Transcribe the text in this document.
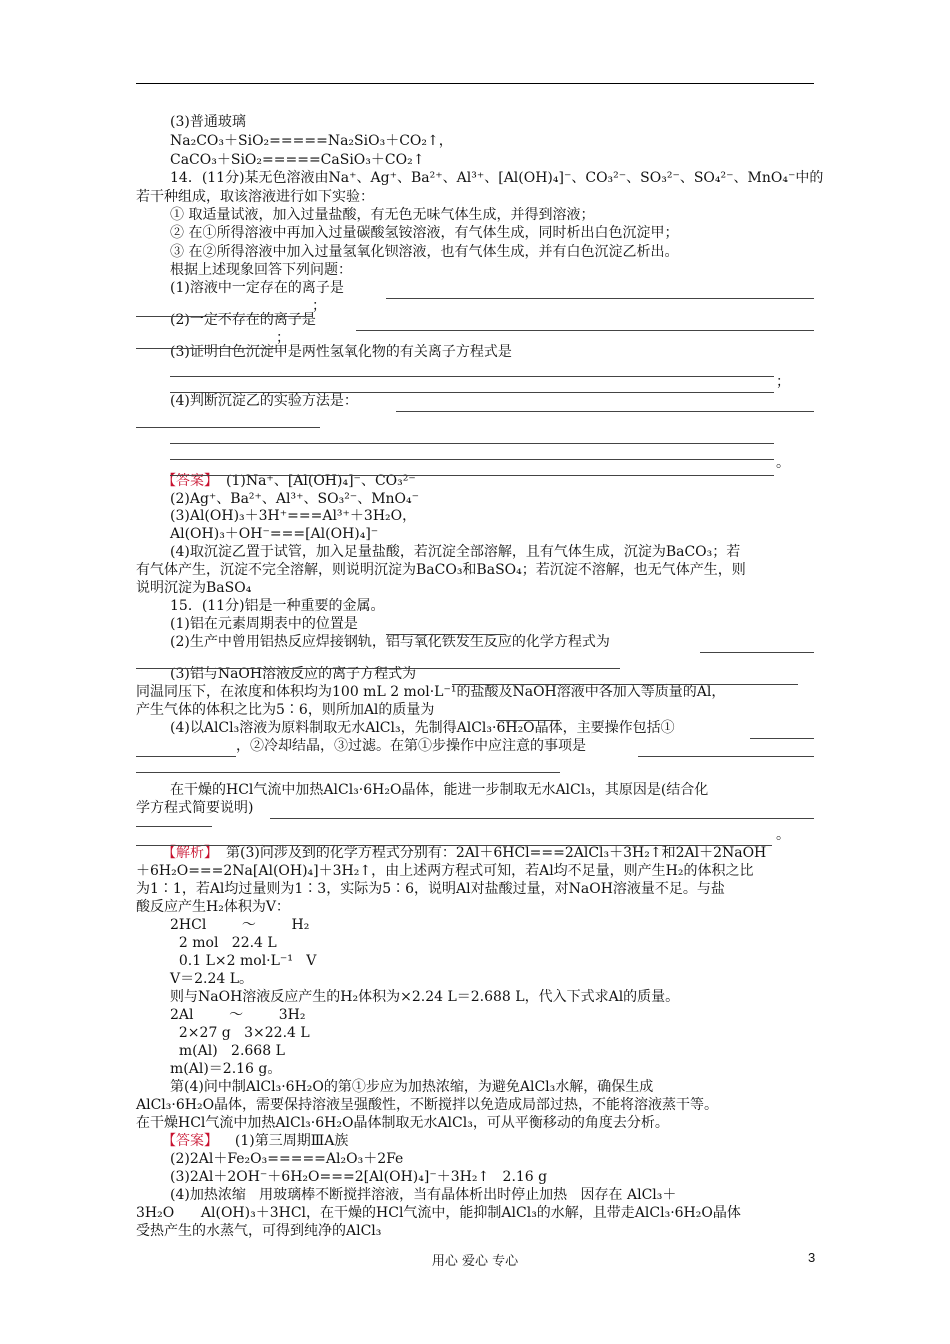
(3)普通玻璃
Na₂CO₃＋SiO₂=====Na₂SiO₃＋CO₂↑，
CaCO₃＋SiO₂=====CaSiO₃＋CO₂↑
14．(11分)某无色溶液由Na⁺、Ag⁺、Ba²⁺、Al³⁺、[Al(OH)₄]⁻、CO₃²⁻、SO₃²⁻、SO₄²⁻、MnO₄⁻中的
若干种组成，取该溶液进行如下实验：
① 取适量试液，加入过量盐酸，有无色无味气体生成，并得到溶液；
② 在①所得溶液中再加入过量碳酸氢铵溶液，有气体生成，同时析出白色沉淀甲；
③ 在②所得溶液中加入过量氢氧化钡溶液，也有气体生成，并有白色沉淀乙析出。
根据上述现象回答下列问题：
(1)溶液中一定存在的离子是
；
(2)一定不存在的离子是
；
(3)证明白色沉淀甲是两性氢氧化物的有关离子方程式是
；
(4)判断沉淀乙的实验方法是：
。
【答案】 (1)Na⁺、[Al(OH)₄]⁻、CO₃²⁻
(2)Ag⁺、Ba²⁺、Al³⁺、SO₃²⁻、MnO₄⁻
(3)Al(OH)₃＋3H⁺===Al³⁺＋3H₂O，
Al(OH)₃＋OH⁻===[Al(OH)₄]⁻
(4)取沉淀乙置于试管，加入足量盐酸，若沉淀全部溶解，且有气体生成，沉淀为BaCO₃；若
有气体产生，沉淀不完全溶解，则说明沉淀为BaCO₃和BaSO₄；若沉淀不溶解，也无气体产生，则
说明沉淀为BaSO₄
15．(11分)铝是一种重要的金属。
(1)铝在元素周期表中的位置是
(2)生产中曾用铝热反应焊接钢轨，铝与氧化铁发生反应的化学方程式为
(3)铝与NaOH溶液反应的离子方程式为
同温同压下，在浓度和体积均为100 mL 2 mol·L⁻¹的盐酸及NaOH溶液中各加入等质量的Al，
产生气体的体积之比为5∶6，则所加Al的质量为
(4)以AlCl₃溶液为原料制取无水AlCl₃，先制得AlCl₃·6H₂O晶体，主要操作包括①
，②冷却结晶，③过滤。在第①步操作中应注意的事项是
在干燥的HCl气流中加热AlCl₃·6H₂O晶体，能进一步制取无水AlCl₃，其原因是(结合化
学方程式简要说明)
。
【解析】 第(3)问涉及到的化学方程式分别有：2Al＋6HCl===2AlCl₃＋3H₂↑和2Al＋2NaOH
＋6H₂O===2Na[Al(OH)₄]＋3H₂↑，由上述两方程式可知，若Al均不足量，则产生H₂的体积之比
为1∶1，若Al均过量则为1∶3，实际为5∶6，说明Al对盐酸过量，对NaOH溶液量不足。与盐
酸反应产生H₂体积为V：
2HCl        ～        H₂
2 mol   22.4 L
0.1 L×2 mol·L⁻¹   V
V＝2.24 L。
则与NaOH溶液反应产生的H₂体积为×2.24 L＝2.688 L，代入下式求Al的质量。
2Al        ～        3H₂
2×27 g   3×22.4 L
m(Al)   2.668 L
m(Al)＝2.16 g。
第(4)问中制AlCl₃·6H₂O的第①步应为加热浓缩，为避免AlCl₃水解，确保生成
AlCl₃·6H₂O晶体，需要保持溶液呈强酸性，不断搅拌以免造成局部过热，不能将溶液蒸干等。
在干燥HCl气流中加热AlCl₃·6H₂O晶体制取无水AlCl₃，可从平衡移动的角度去分析。
【答案】  (1)第三周期ⅢA族
(2)2Al＋Fe₂O₃=====Al₂O₃＋2Fe
(3)2Al＋2OH⁻＋6H₂O===2[Al(OH)₄]⁻＋3H₂↑   2.16 g
(4)加热浓缩   用玻璃棒不断搅拌溶液，当有晶体析出时停止加热   因存在 AlCl₃＋
3H₂O      Al(OH)₃＋3HCl，在干燥的HCl气流中，能抑制AlCl₃的水解，且带走AlCl₃·6H₂O晶体
受热产生的水蒸气，可得到纯净的AlCl₃
用心 爱心 专心	3
